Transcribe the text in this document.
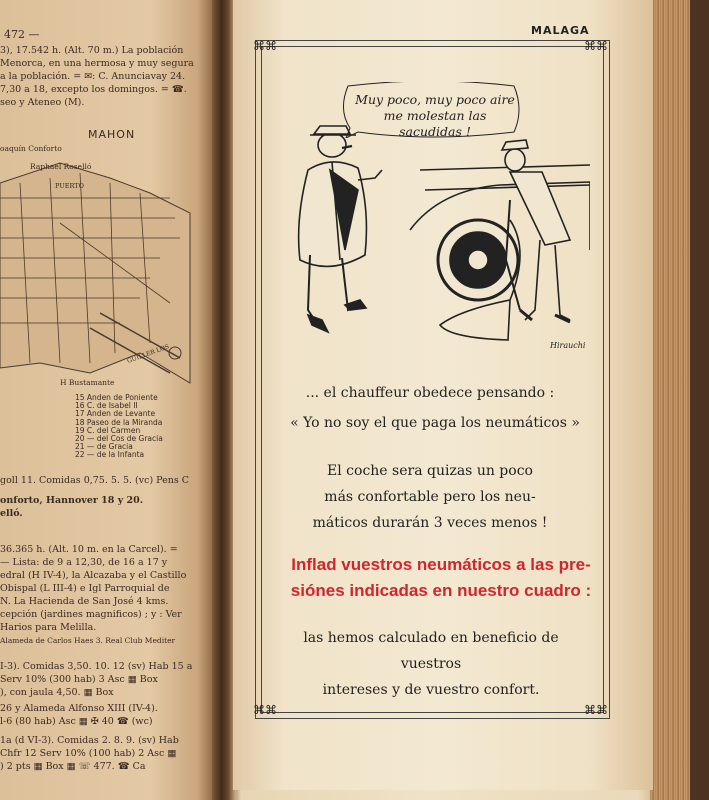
472 —
3), 17.542 h. (Alt. 70 m.) La población
Menorca, en una hermosa y muy segura
a la población. = ✉: C. Anunciavay 24.
7,30 a 18, excepto los domingos. = ☎.
seo y Ateneo (M).
MAHON
oaquín Conforto
Raphael Roselló
PUERTO
H Bustamante
GUILLER LOS
15 Anden de Poniente
16 C. de Isabel II
17 Anden de Levante
18 Paseo de la Miranda
19 C. del Carmen
20 — del Cos de Gracia
21 — de Gracia
22 — de la Infanta
goll 11. Comidas 0,75. 5. 5. (vc) Pens C
onforto, Hannover 18 y 20.
elló.
36.365 h. (Alt. 10 m. en la Carcel). =
— Lista: de 9 a 12,30, de 16 a 17 y
edral (H IV-4), la Alcazaba y el Castillo
Obispal (L III-4) e Igl Parroquial de
N. La Hacienda de San José 4 kms.
cepción (jardines magnificos) ; y : Ver
Harios para Melilla.
Alameda de Carlos Haes 3. Real Club Mediter
I-3). Comidas 3,50. 10. 12 (sv) Hab 15 a
Serv 10% (300 hab) 3 Asc ▦ Box
), con jaula 4,50. ▦ Box
26 y Alameda Alfonso XIII (IV-4).
l-6 (80 hab) Asc ▦ ✠ 40 ☎ (wc)
1a (d VI-3). Comidas 2. 8. 9. (sv) Hab
Chfr 12 Serv 10% (100 hab) 2 Asc ▦
) 2 pts ▦ Box ▦ ☏ 477. ☎ Ca
MALAGA
⌘⌘	⌘⌘
⌘⌘	⌘⌘
Hirauchi
Muy poco, muy poco aire
me molestan las sacudidas !
... el chauffeur obedece pensando :
« Yo no soy el que paga los neumáticos »
El coche sera quizas un poco
más confortable pero los neu-
máticos durarán 3 veces menos !
Inflad vuestros neumáticos a las pre-
siónes indicadas en nuestro cuadro :
las hemos calculado en beneficio de vuestros
intereses y de vuestro confort.
